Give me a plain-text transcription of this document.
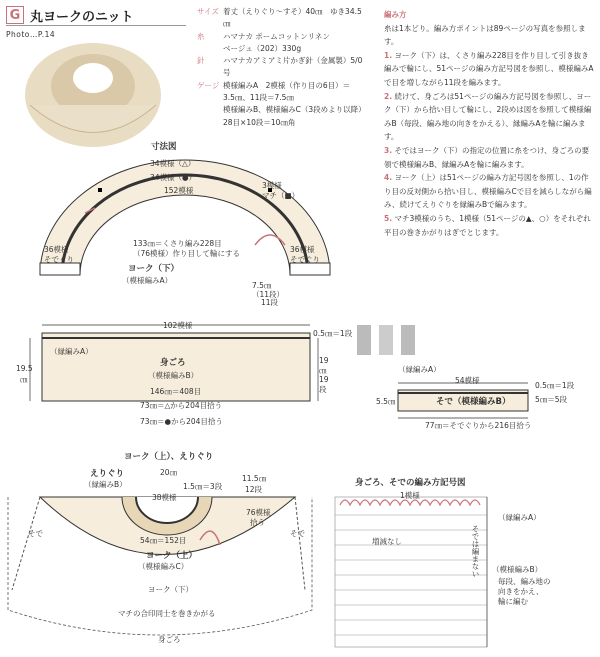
G 丸ヨークのニット
Photo…P.14
サイズ 着丈（えりぐり〜すそ）40㎝　ゆき34.5㎝
糸	ハマナカ ポームコットンリネン
ベージュ（202）330g
針	ハマナカアミアミ片かぎ針（金属製）5/0号
ゲージ 模様編みA　2模様（作り目の6目）＝
3.5㎝、11段＝7.5㎝
模様編みB、模様編みC（3段めより以降）
28目×10段＝10㎝角
編み方
糸は1本どり。編み方ポイントは89ページの写真を参照します。
1. ヨーク（下）は、くさり編み228目を作り目して引き抜き編みで輪にし、51ページの編み方記号図を参照し、模様編みAで目を増しながら11段を編みます。
2. 続けて、身ごろは51ページの編み方記号図を参照し、ヨーク（下）から拾い目して輪にし、2段めは図を参照して模様編みB（毎段、編み地の向きをかえる）、縁編みAを輪に編みます。
3. そではヨーク（下）の指定の位置に糸をつけ、身ごろの要領で模様編みB、縁編みAを輪に編みます。
4. ヨーク（上）は51ページの編み方記号図を参照し、1の作り目の反対側から拾い目し、模様編みCで目を減らしながら編み、続けてえりぐりを縁編みBで編みます。
5. マチ3模様のうち、1模様（51ページの▲、○）をそれぞれ平目の巻きかがりはぎでとじます。
寸法図
34模様（△）
34模様（●）
152模様
3模様
マチ（■）
36模様
そでぐり
36模様
そでぐり
133㎝＝くさり編み228目
（76模様）作り目して輪にする
ヨーク（下）
（模様編みA）
7.5㎝
（11段）
11段
102模様
0.5㎝＝1段
（縁編みA）
身ごろ
（模様編みB）
19.5
㎝
19
㎝
19
段
146㎝＝408目
73㎝＝△から204目拾う
73㎝＝●から204目拾う
（縁編みA）
54模様
0.5㎝＝1段
そで（模様編みB）
5.5㎝	5㎝＝5段
77㎝＝そでぐりから216目拾う
ヨーク（上）、えりぐり
20㎝
えりぐり
（縁編みB）	1.5㎝＝3段
11.5㎝
12段
38模様
76模様
拾う
54㎝＝152目
ヨーク（上）
（模様編みC）
ヨーク（下）
マチの合印同士を巻きかがる
そで	そで
身ごろ
身ごろ、そでの編み方記号図
1模様
（縁編みA）
増減なし	そでは編まない （模様編みB）
毎段、編み地の
向きをかえ、
輪に編む
